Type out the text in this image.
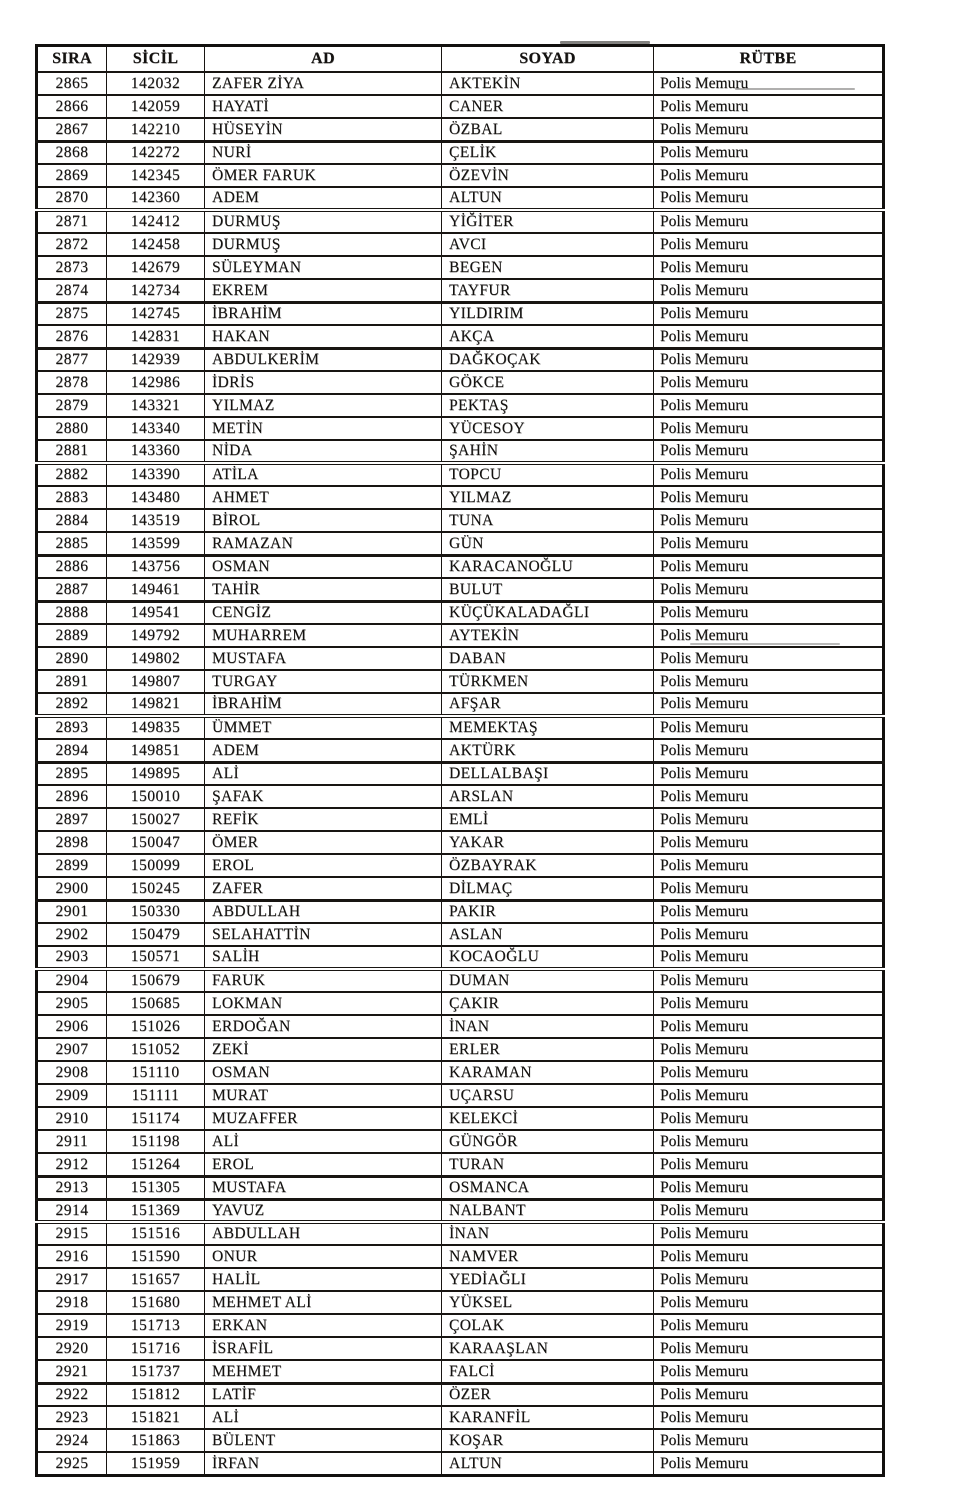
SIRA	SİCİL	AD	SOYAD	RÜTBE
2865	142032	ZAFER ZİYA	AKTEKİN	Polis Memuru
2866	142059	HAYATİ	CANER	Polis Memuru
2867	142210	HÜSEYİN	ÖZBAL	Polis Memuru
2868	142272	NURİ	ÇELİK	Polis Memuru
2869	142345	ÖMER FARUK	ÖZEVİN	Polis Memuru
2870	142360	ADEM	ALTUN	Polis Memuru
2871	142412	DURMUŞ	YİĞİTER	Polis Memuru
2872	142458	DURMUŞ	AVCI	Polis Memuru
2873	142679	SÜLEYMAN	BEGEN	Polis Memuru
2874	142734	EKREM	TAYFUR	Polis Memuru
2875	142745	İBRAHİM	YILDIRIM	Polis Memuru
2876	142831	HAKAN	AKÇA	Polis Memuru
2877	142939	ABDULKERİM	DAĞKOÇAK	Polis Memuru
2878	142986	İDRİS	GÖKCE	Polis Memuru
2879	143321	YILMAZ	PEKTAŞ	Polis Memuru
2880	143340	METİN	YÜCESOY	Polis Memuru
2881	143360	NİDA	ŞAHİN	Polis Memuru
2882	143390	ATİLA	TOPCU	Polis Memuru
2883	143480	AHMET	YILMAZ	Polis Memuru
2884	143519	BİROL	TUNA	Polis Memuru
2885	143599	RAMAZAN	GÜN	Polis Memuru
2886	143756	OSMAN	KARACANOĞLU	Polis Memuru
2887	149461	TAHİR	BULUT	Polis Memuru
2888	149541	CENGİZ	KÜÇÜKALADAĞLI	Polis Memuru
2889	149792	MUHARREM	AYTEKİN	Polis Memuru
2890	149802	MUSTAFA	DABAN	Polis Memuru
2891	149807	TURGAY	TÜRKMEN	Polis Memuru
2892	149821	İBRAHİM	AFŞAR	Polis Memuru
2893	149835	ÜMMET	MEMEKTAŞ	Polis Memuru
2894	149851	ADEM	AKTÜRK	Polis Memuru
2895	149895	ALİ	DELLALBAŞI	Polis Memuru
2896	150010	ŞAFAK	ARSLAN	Polis Memuru
2897	150027	REFİK	EMLİ	Polis Memuru
2898	150047	ÖMER	YAKAR	Polis Memuru
2899	150099	EROL	ÖZBAYRAK	Polis Memuru
2900	150245	ZAFER	DİLMAÇ	Polis Memuru
2901	150330	ABDULLAH	PAKIR	Polis Memuru
2902	150479	SELAHATTİN	ASLAN	Polis Memuru
2903	150571	SALİH	KOCAOĞLU	Polis Memuru
2904	150679	FARUK	DUMAN	Polis Memuru
2905	150685	LOKMAN	ÇAKIR	Polis Memuru
2906	151026	ERDOĞAN	İNAN	Polis Memuru
2907	151052	ZEKİ	ERLER	Polis Memuru
2908	151110	OSMAN	KARAMAN	Polis Memuru
2909	151111	MURAT	UÇARSU	Polis Memuru
2910	151174	MUZAFFER	KELEKCİ	Polis Memuru
2911	151198	ALİ	GÜNGÖR	Polis Memuru
2912	151264	EROL	TURAN	Polis Memuru
2913	151305	MUSTAFA	OSMANCA	Polis Memuru
2914	151369	YAVUZ	NALBANT	Polis Memuru
2915	151516	ABDULLAH	İNAN	Polis Memuru
2916	151590	ONUR	NAMVER	Polis Memuru
2917	151657	HALİL	YEDİAĞLI	Polis Memuru
2918	151680	MEHMET ALİ	YÜKSEL	Polis Memuru
2919	151713	ERKAN	ÇOLAK	Polis Memuru
2920	151716	İSRAFİL	KARAAŞLAN	Polis Memuru
2921	151737	MEHMET	FALCİ	Polis Memuru
2922	151812	LATİF	ÖZER	Polis Memuru
2923	151821	ALİ	KARANFİL	Polis Memuru
2924	151863	BÜLENT	KOŞAR	Polis Memuru
2925	151959	İRFAN	ALTUN	Polis Memuru
